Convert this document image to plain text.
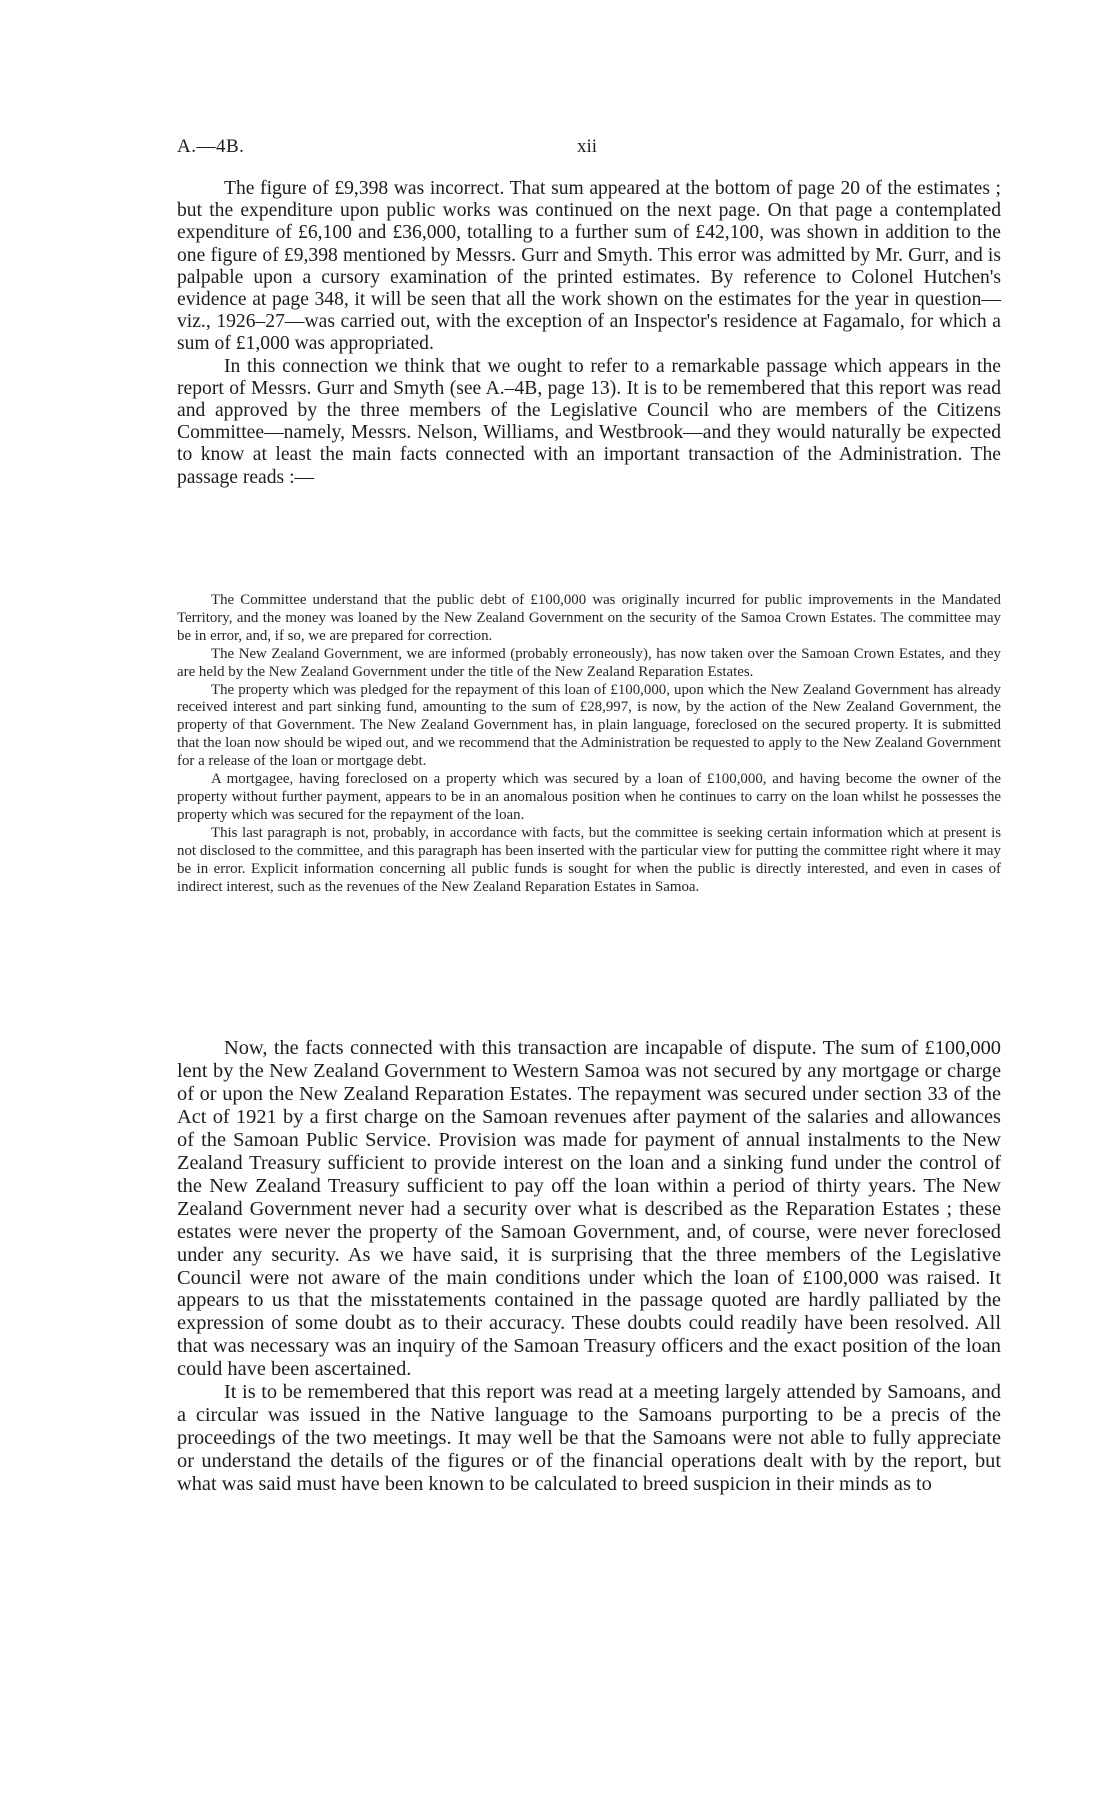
A.—4B.	xii

The figure of £9,398 was incorrect. That sum appeared at the bottom of page 20 of the estimates ; but the expenditure upon public works was continued on the next page. On that page a contemplated expenditure of £6,100 and £36,000, totalling to a further sum of £42,100, was shown in addition to the one figure of £9,398 mentioned by Messrs. Gurr and Smyth. This error was admitted by Mr. Gurr, and is palpable upon a cursory examination of the printed estimates. By reference to Colonel Hutchen's evidence at page 348, it will be seen that all the work shown on the estimates for the year in question—viz., 1926–27—was carried out, with the exception of an Inspector's residence at Fagamalo, for which a sum of £1,000 was appropriated.

In this connection we think that we ought to refer to a remarkable passage which appears in the report of Messrs. Gurr and Smyth (see A.–4B, page 13). It is to be remembered that this report was read and approved by the three members of the Legislative Council who are members of the Citizens Committee—namely, Messrs. Nelson, Williams, and Westbrook—and they would naturally be expected to know at least the main facts connected with an important transaction of the Administration. The passage reads :—

The Committee understand that the public debt of £100,000 was originally incurred for public improvements in the Mandated Territory, and the money was loaned by the New Zealand Government on the security of the Samoa Crown Estates. The committee may be in error, and, if so, we are prepared for correction.

The New Zealand Government, we are informed (probably erroneously), has now taken over the Samoan Crown Estates, and they are held by the New Zealand Government under the title of the New Zealand Reparation Estates.

The property which was pledged for the repayment of this loan of £100,000, upon which the New Zealand Government has already received interest and part sinking fund, amounting to the sum of £28,997, is now, by the action of the New Zealand Government, the property of that Government. The New Zealand Government has, in plain language, foreclosed on the secured property. It is submitted that the loan now should be wiped out, and we recommend that the Administration be requested to apply to the New Zealand Government for a release of the loan or mortgage debt.

A mortgagee, having foreclosed on a property which was secured by a loan of £100,000, and having become the owner of the property without further payment, appears to be in an anomalous position when he continues to carry on the loan whilst he possesses the property which was secured for the repayment of the loan.

This last paragraph is not, probably, in accordance with facts, but the committee is seeking certain information which at present is not disclosed to the committee, and this paragraph has been inserted with the particular view for putting the committee right where it may be in error. Explicit information concerning all public funds is sought for when the public is directly interested, and even in cases of indirect interest, such as the revenues of the New Zealand Reparation Estates in Samoa.

Now, the facts connected with this transaction are incapable of dispute. The sum of £100,000 lent by the New Zealand Government to Western Samoa was not secured by any mortgage or charge of or upon the New Zealand Reparation Estates. The repayment was secured under section 33 of the Act of 1921 by a first charge on the Samoan revenues after payment of the salaries and allowances of the Samoan Public Service. Provision was made for payment of annual instalments to the New Zealand Treasury sufficient to provide interest on the loan and a sinking fund under the control of the New Zealand Treasury sufficient to pay off the loan within a period of thirty years. The New Zealand Government never had a security over what is described as the Reparation Estates ; these estates were never the property of the Samoan Government, and, of course, were never foreclosed under any security. As we have said, it is surprising that the three members of the Legislative Council were not aware of the main conditions under which the loan of £100,000 was raised. It appears to us that the misstatements contained in the passage quoted are hardly palliated by the expression of some doubt as to their accuracy. These doubts could readily have been resolved. All that was necessary was an inquiry of the Samoan Treasury officers and the exact position of the loan could have been ascertained.

It is to be remembered that this report was read at a meeting largely attended by Samoans, and a circular was issued in the Native language to the Samoans purporting to be a precis of the proceedings of the two meetings. It may well be that the Samoans were not able to fully appreciate or understand the details of the figures or of the financial operations dealt with by the report, but what was said must have been known to be calculated to breed suspicion in their minds as to
